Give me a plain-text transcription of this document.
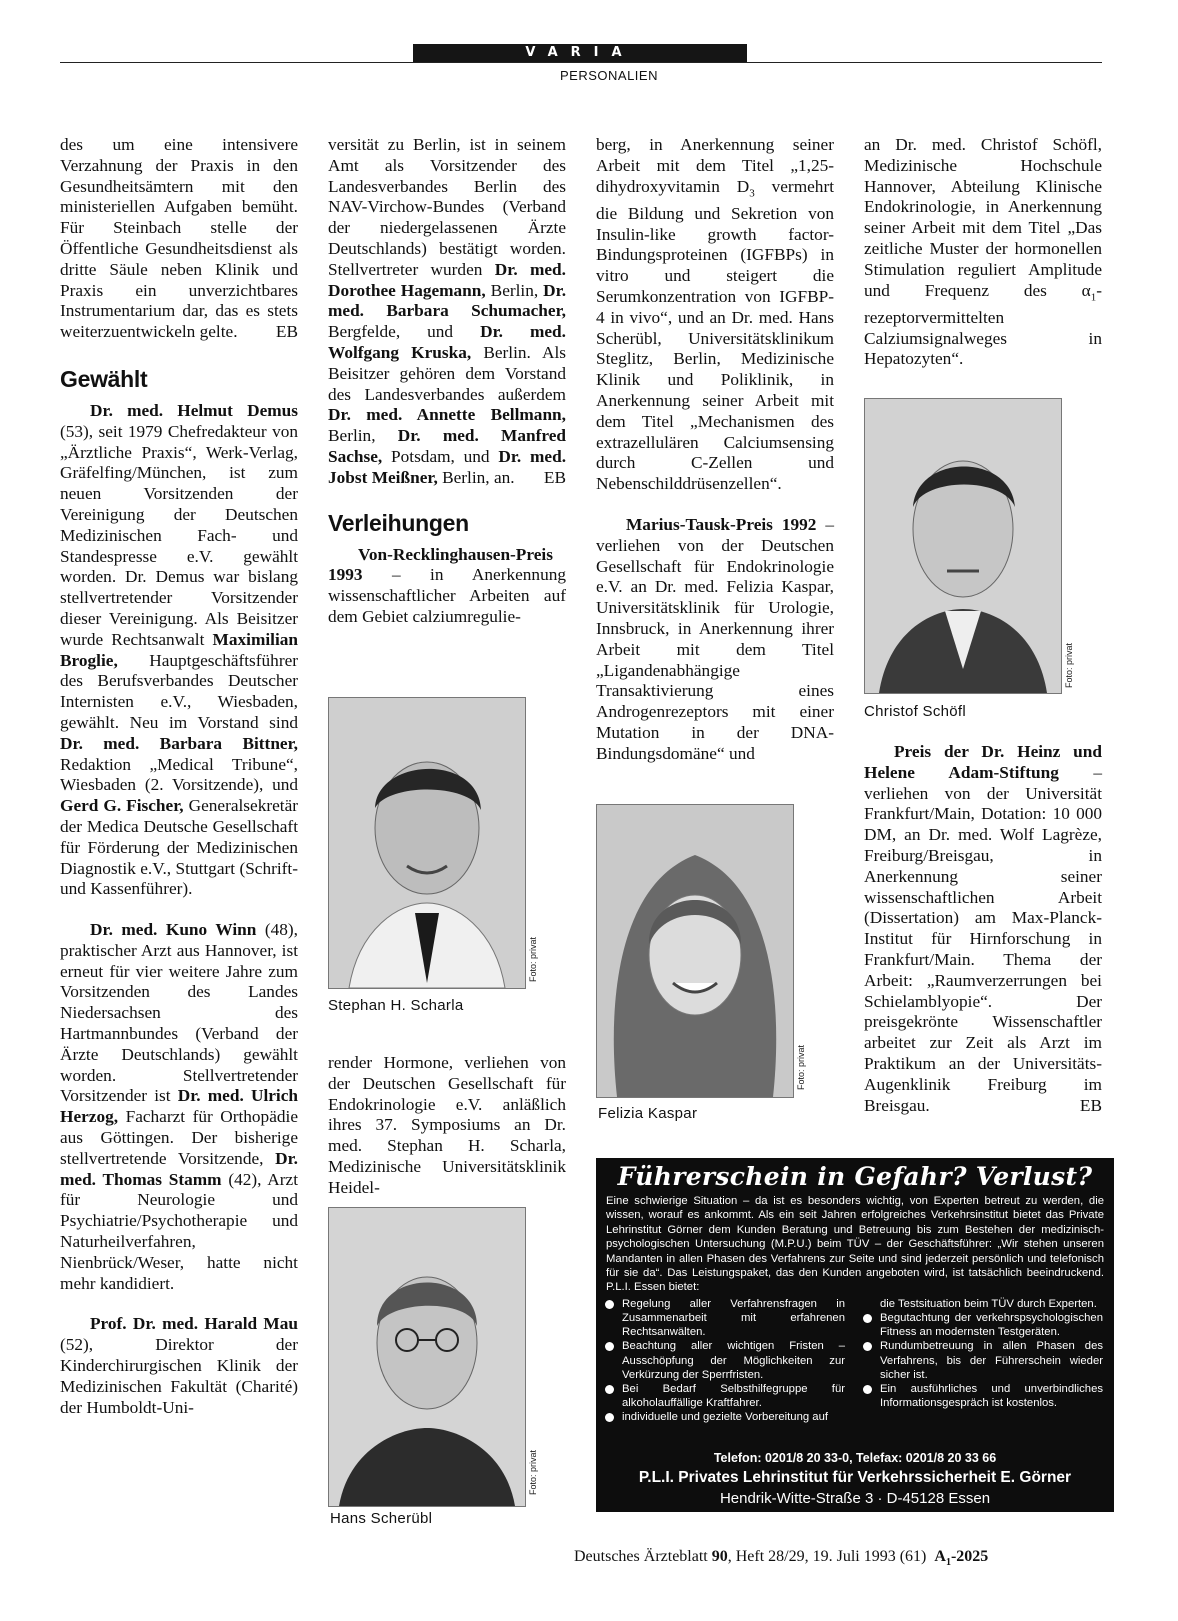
VARIA
PERSONALIEN

des um eine intensivere Verzahnung der Praxis in den Gesundheitsämtern mit den ministeriellen Aufgaben bemüht. Für Steinbach stelle der Öffentliche Gesundheitsdienst als dritte Säule neben Klinik und Praxis ein unverzichtbares Instrumentarium dar, das es stets weiterzuentwickeln gelte. EB

Gewählt

Dr. med. Helmut Demus (53), seit 1979 Chefredakteur von „Ärztliche Praxis“, Werk-Verlag, Gräfelfing/München, ist zum neuen Vorsitzenden der Vereinigung der Deutschen Medizinischen Fach- und Standespresse e.V. gewählt worden. Dr. Demus war bislang stellvertretender Vorsitzender dieser Vereinigung. Als Beisitzer wurde Rechtsanwalt Maximilian Broglie, Hauptgeschäftsführer des Berufsverbandes Deutscher Internisten e.V., Wiesbaden, gewählt. Neu im Vorstand sind Dr. med. Barbara Bittner, Redaktion „Medical Tribune“, Wiesbaden (2. Vorsitzende), und Gerd G. Fischer, Generalsekretär der Medica Deutsche Gesellschaft für Förderung der Medizinischen Diagnostik e.V., Stuttgart (Schrift- und Kassenführer).

Dr. med. Kuno Winn (48), praktischer Arzt aus Hannover, ist erneut für vier weitere Jahre zum Vorsitzenden des Landes Niedersachsen des Hartmannbundes (Verband der Ärzte Deutschlands) gewählt worden. Stellvertretender Vorsitzender ist Dr. med. Ulrich Herzog, Facharzt für Orthopädie aus Göttingen. Der bisherige stellvertretende Vorsitzende, Dr. med. Thomas Stamm (42), Arzt für Neurologie und Psychiatrie/Psychotherapie und Naturheilverfahren, Nienbrück/Weser, hatte nicht mehr kandidiert.

Prof. Dr. med. Harald Mau (52), Direktor der Kinderchirurgischen Klinik der Medizinischen Fakultät (Charité) der Humboldt-Uni-

versität zu Berlin, ist in seinem Amt als Vorsitzender des Landesverbandes Berlin des NAV-Virchow-Bundes (Verband der niedergelassenen Ärzte Deutschlands) bestätigt worden. Stellvertreter wurden Dr. med. Dorothee Hagemann, Berlin, Dr. med. Barbara Schumacher, Bergfelde, und Dr. med. Wolfgang Kruska, Berlin. Als Beisitzer gehören dem Vorstand des Landesverbandes außerdem Dr. med. Annette Bellmann, Berlin, Dr. med. Manfred Sachse, Potsdam, und Dr. med. Jobst Meißner, Berlin, an. EB

Verleihungen

Von-Recklinghausen-Preis 1993 – in Anerkennung wissenschaftlicher Arbeiten auf dem Gebiet calziumregulie-

Foto: privat
Stephan H. Scharla

render Hormone, verliehen von der Deutschen Gesellschaft für Endokrinologie e.V. anläßlich ihres 37. Symposiums an Dr. med. Stephan H. Scharla, Medizinische Universitätsklinik Heidel-

Foto: privat
Hans Scherübl

berg, in Anerkennung seiner Arbeit mit dem Titel „1,25-dihydroxyvitamin $D_3$ vermehrt die Bildung und Sekretion von Insulin-like growth factor-Bindungsproteinen (IGFBPs) in vitro und steigert die Serumkonzentration von IGFBP-4 in vivo“, und an Dr. med. Hans Scherübl, Universitätsklinikum Steglitz, Berlin, Medizinische Klinik und Poliklinik, in Anerkennung seiner Arbeit mit dem Titel „Mechanismen des extrazellulären Calciumsensing durch C-Zellen und Nebenschilddrüsenzellen“.

Marius-Tausk-Preis 1992 – verliehen von der Deutschen Gesellschaft für Endokrinologie e.V. an Dr. med. Felizia Kaspar, Universitätsklinik für Urologie, Innsbruck, in Anerkennung ihrer Arbeit mit dem Titel „Ligandenabhängige Transaktivierung eines Androgenrezeptors mit einer Mutation in der DNA-Bindungsdomäne“ und

Foto: privat
Felizia Kaspar

an Dr. med. Christof Schöfl, Medizinische Hochschule Hannover, Abteilung Klinische Endokrinologie, in Anerkennung seiner Arbeit mit dem Titel „Das zeitliche Muster der hormonellen Stimulation reguliert Amplitude und Frequenz des $\alpha_1$-rezeptorvermittelten Calziumsignalweges in Hepatozyten“.

Foto: privat
Christof Schöfl

Preis der Dr. Heinz und Helene Adam-Stiftung – verliehen von der Universität Frankfurt/Main, Dotation: 10 000 DM, an Dr. med. Wolf Lagrèze, Freiburg/Breisgau, in Anerkennung seiner wissenschaftlichen Arbeit (Dissertation) am Max-Planck-Institut für Hirnforschung in Frankfurt/Main. Thema der Arbeit: „Raumverzerrungen bei Schielamblyopie“. Der preisgekrönte Wissenschaftler arbeitet zur Zeit als Arzt im Praktikum an der Universitäts-Augenklinik Freiburg im Breisgau.	EB

Führerschein in Gefahr? Verlust?
Eine schwierige Situation – da ist es besonders wichtig, von Experten betreut zu werden, die wissen, worauf es ankommt. Als ein seit Jahren erfolgreiches Verkehrsinstitut bietet das Private Lehrinstitut Görner dem Kunden Beratung und Betreuung bis zum Bestehen der medizinisch-psychologischen Untersuchung (M.P.U.) beim TÜV – der Geschäftsführer: „Wir stehen unseren Mandanten in allen Phasen des Verfahrens zur Seite und sind jederzeit persönlich und telefonisch für sie da“. Das Leistungspaket, das den Kunden angeboten wird, ist tatsächlich beeindruckend. P.L.I. Essen bietet:
Regelung aller Verfahrensfragen in Zusammenarbeit mit erfahrenen Rechtsanwälten.
Beachtung aller wichtigen Fristen – Ausschöpfung der Möglichkeiten zur Verkürzung der Sperrfristen.
Bei Bedarf Selbsthilfegruppe für alkoholauffällige Kraftfahrer.
individuelle und gezielte Vorbereitung auf
die Testsituation beim TÜV durch Experten.
Begutachtung der verkehrspsychologischen Fitness an modernsten Testgeräten.
Rundumbetreuung in allen Phasen des Verfahrens, bis der Führerschein wieder sicher ist.
Ein ausführliches und unverbindliches Informationsgespräch ist kostenlos.
Telefon: 0201/8 20 33-0, Telefax: 0201/8 20 33 66
P.L.I. Privates Lehrinstitut für Verkehrssicherheit E. Görner
Hendrik-Witte-Straße 3 · D-45128 Essen
Deutsches Ärzteblatt 90, Heft 28/29, 19. Juli 1993 (61) $A_1-2025$
